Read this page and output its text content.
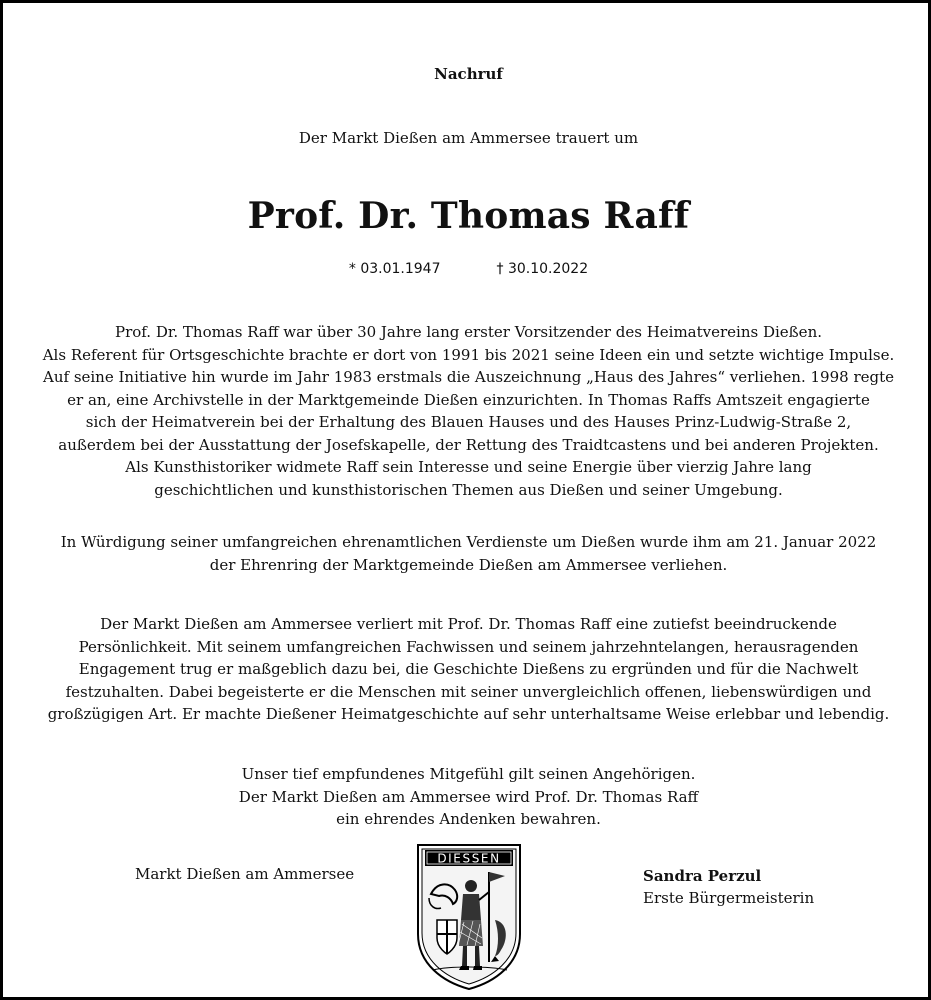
Nachruf
Der Markt Dießen am Ammersee trauert um
Prof. Dr. Thomas Raff
* 03.01.1947	† 30.10.2022
Prof. Dr. Thomas Raff war über 30 Jahre lang erster Vorsitzender des Heimatvereins Dießen.
Als Referent für Ortsgeschichte brachte er dort von 1991 bis 2021 seine Ideen ein und setzte wichtige Impulse.
Auf seine Initiative hin wurde im Jahr 1983 erstmals die Auszeichnung „Haus des Jahres“ verliehen. 1998 regte
er an, eine Archivstelle in der Marktgemeinde Dießen einzurichten. In Thomas Raffs Amtszeit engagierte
sich der Heimatverein bei der Erhaltung des Blauen Hauses und des Hauses Prinz-Ludwig-Straße 2,
außerdem bei der Ausstattung der Josefskapelle, der Rettung des Traidtcastens und bei anderen Projekten.
Als Kunsthistoriker widmete Raff sein Interesse und seine Energie über vierzig Jahre lang
geschichtlichen und kunsthistorischen Themen aus Dießen und seiner Umgebung.
In Würdigung seiner umfangreichen ehrenamtlichen Verdienste um Dießen wurde ihm am 21. Januar 2022
der Ehrenring der Marktgemeinde Dießen am Ammersee verliehen.
Der Markt Dießen am Ammersee verliert mit Prof. Dr. Thomas Raff eine zutiefst beeindruckende
Persönlichkeit. Mit seinem umfangreichen Fachwissen und seinem jahrzehntelangen, herausragenden
Engagement trug er maßgeblich dazu bei, die Geschichte Dießens zu ergründen und für die Nachwelt
festzuhalten. Dabei begeisterte er die Menschen mit seiner unvergleichlich offenen, liebenswürdigen und
großzügigen Art. Er machte Dießener Heimatgeschichte auf sehr unterhaltsame Weise erlebbar und lebendig.
Unser tief empfundenes Mitgefühl gilt seinen Angehörigen.
Der Markt Dießen am Ammersee wird Prof. Dr. Thomas Raff
ein ehrendes Andenken bewahren.
Markt Dießen am Ammersee
DIESSEN
Sandra Perzul
Erste Bürgermeisterin
